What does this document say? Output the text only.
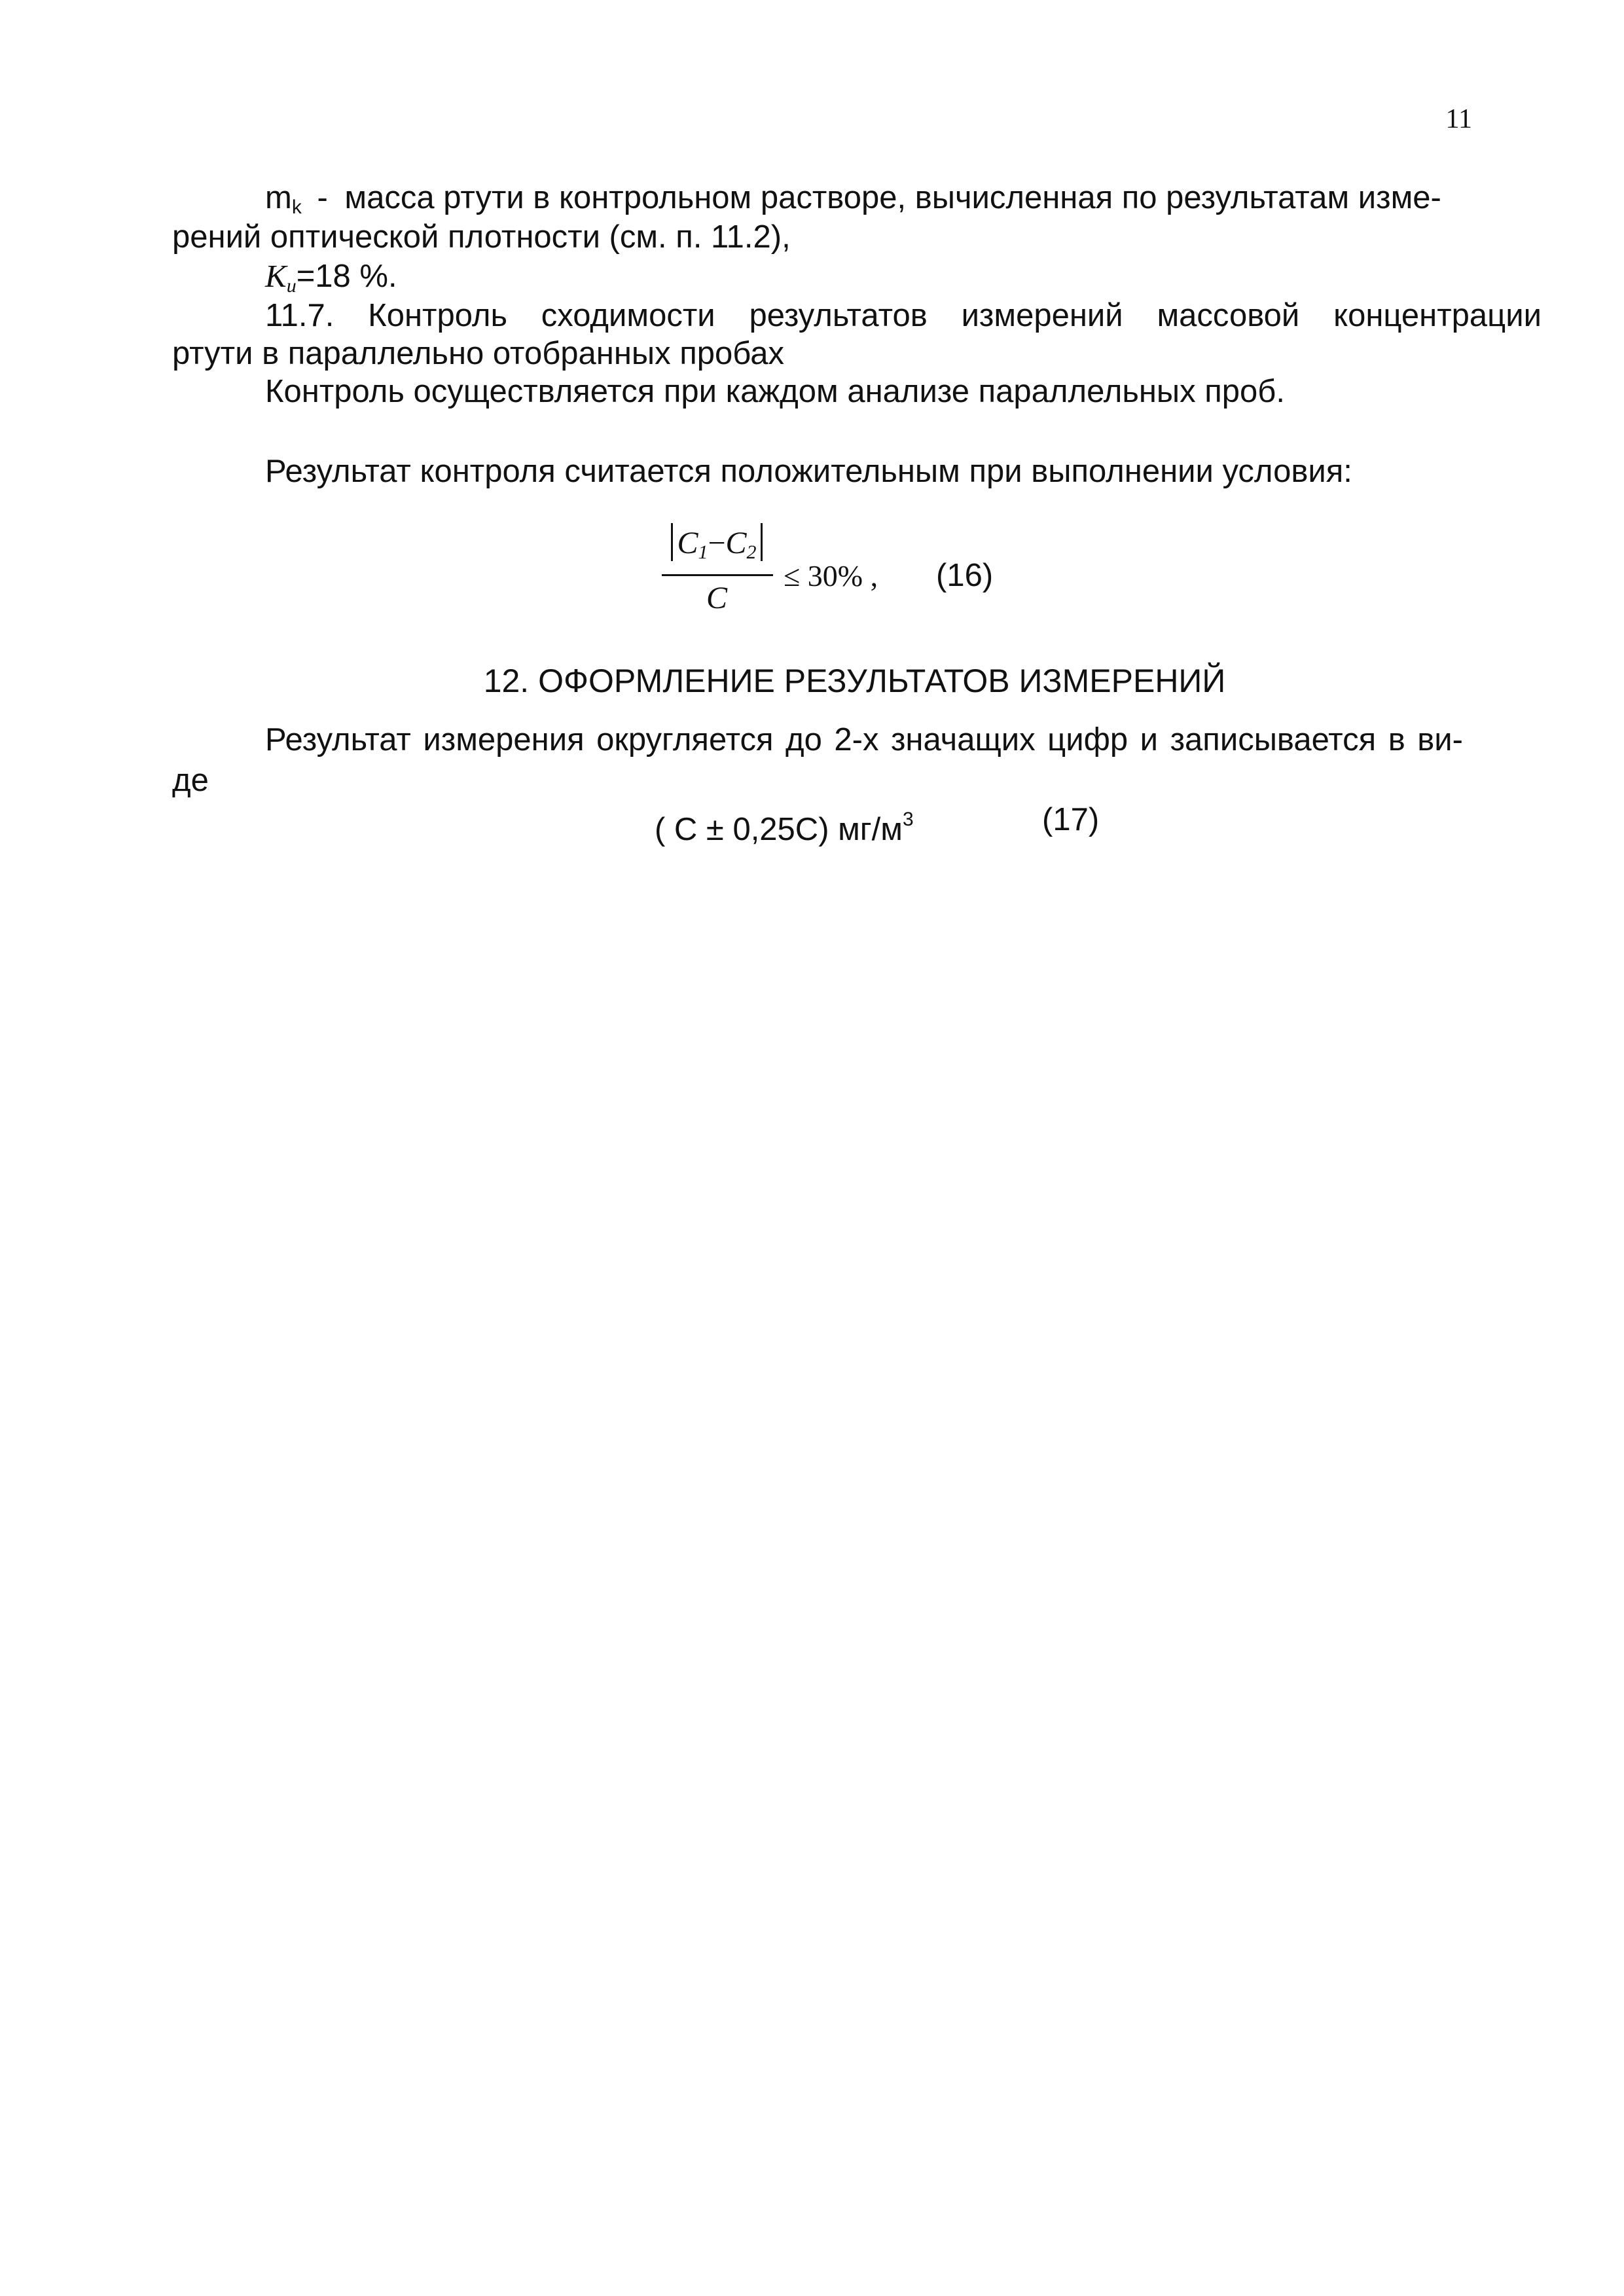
11
$m_k$ - масса ртути в контрольном растворе, вычисленная по результатам изме-
рений оптической плотности (см. п. 11.2),
$K_u=18$ %.
11.7. Контроль сходимости результатов измерений массовой концентрации
ртути в параллельно отобранных пробах
Контроль осуществляется при каждом анализе параллельных проб.
Результат контроля считается положительным при выполнении условия:
$C_1-C_2$
C
≤ 30% , (16)
12. ОФОРМЛЕНИЕ РЕЗУЛЬТАТОВ ИЗМЕРЕНИЙ
Результат измерения округляется до 2-х значащих цифр и записывается в ви-
де
( C ± 0,25C) $мг/м^3$	(17)
